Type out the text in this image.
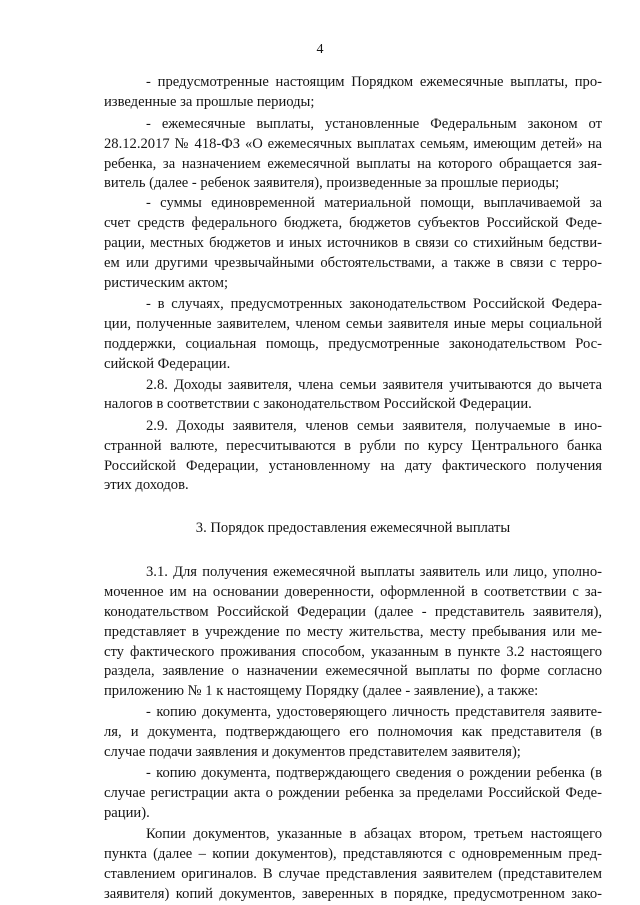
4
- предусмотренные настоящим Порядком ежемесячные выплаты, про-
изведенные за прошлые периоды;
- ежемесячные выплаты, установленные Федеральным законом от
28.12.2017 № 418-ФЗ «О ежемесячных выплатах семьям, имеющим детей» на
ребенка, за назначением ежемесячной выплаты на которого обращается зая-
витель (далее - ребенок заявителя), произведенные за прошлые периоды;
- суммы единовременной материальной помощи, выплачиваемой за
счет средств федерального бюджета, бюджетов субъектов Российской Феде-
рации, местных бюджетов и иных источников в связи со стихийным бедстви-
ем или другими чрезвычайными обстоятельствами, а также в связи с терро-
ристическим актом;
- в случаях, предусмотренных законодательством Российской Федера-
ции, полученные заявителем, членом семьи заявителя иные меры социальной
поддержки, социальная помощь, предусмотренные законодательством Рос-
сийской Федерации.
2.8. Доходы заявителя, члена семьи заявителя учитываются до вычета
налогов в соответствии с законодательством Российской Федерации.
2.9. Доходы заявителя, членов семьи заявителя, получаемые в ино-
странной валюте, пересчитываются в рубли по курсу Центрального банка
Российской Федерации, установленному на дату фактического получения
этих доходов.
3. Порядок предоставления ежемесячной выплаты
3.1. Для получения ежемесячной выплаты заявитель или лицо, уполно-
моченное им на основании доверенности, оформленной в соответствии с за-
конодательством Российской Федерации (далее - представитель заявителя),
представляет в учреждение по месту жительства, месту пребывания или ме-
сту фактического проживания способом, указанным в пункте 3.2 настоящего
раздела, заявление о назначении ежемесячной выплаты по форме согласно
приложению № 1 к настоящему Порядку (далее - заявление), а также:
- копию документа, удостоверяющего личность представителя заявите-
ля, и документа, подтверждающего его полномочия как представителя (в
случае подачи заявления и документов представителем заявителя);
- копию документа, подтверждающего сведения о рождении ребенка (в
случае регистрации акта о рождении ребенка за пределами Российской Феде-
рации).
Копии документов, указанные в абзацах втором, третьем настоящего
пункта (далее – копии документов), представляются с одновременным пред-
ставлением оригиналов. В случае представления заявителем (представителем
заявителя) копий документов, заверенных в порядке, предусмотренном зако-
